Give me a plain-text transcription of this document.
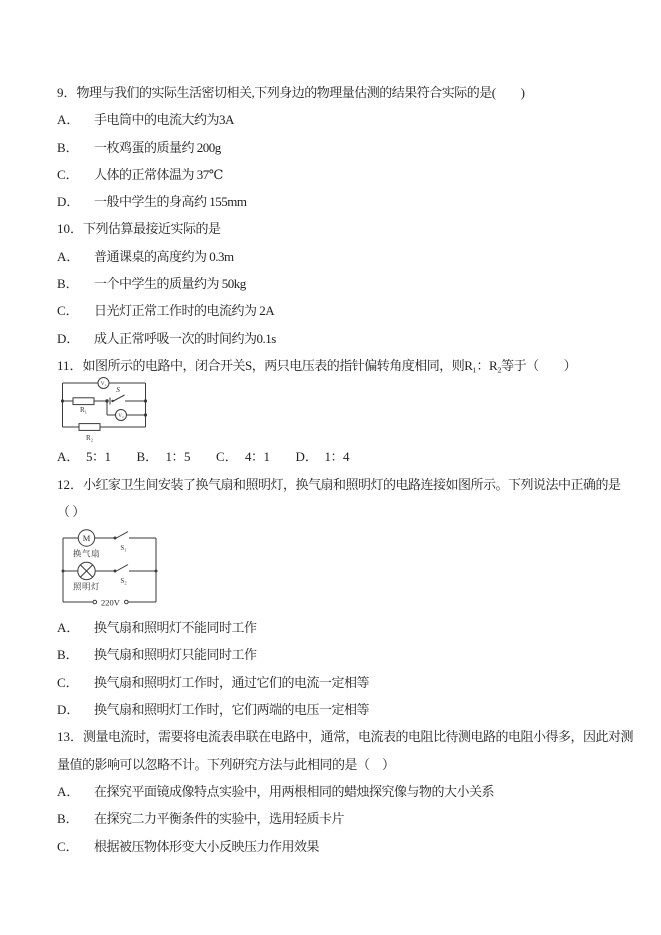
9．物理与我们的实际生活密切相关,下列身边的物理量估测的结果符合实际的是(　　)
A．	手电筒中的电流大约为3A
B．	一枚鸡蛋的质量约 200g
C．	人体的正常体温为 37℃
D．	一般中学生的身高约 155mm
10．下列估算最接近实际的是
A．	普通课桌的高度约为 0.3m
B．	一个中学生的质量约为 50kg
C．	日光灯正常工作时的电流约为 2A
D．	成人正常呼吸一次的时间约为0.1s
11．如图所示的电路中，闭合开关S，两只电压表的指针偏转角度相同，则R₁：R₂等于（　　）
V₁
S
R₁
V₂
R₂
A． 5：1 B． 1：5 C． 4：1 D． 1：4
12．小红家卫生间安装了换气扇和照明灯，换气扇和照明灯的电路连接如图所示。下列说法中正确的是
（ ）
M
S₁
换气扇
S₂
照明灯
220V
A．	换气扇和照明灯不能同时工作
B．	换气扇和照明灯只能同时工作
C．	换气扇和照明灯工作时，通过它们的电流一定相等
D．	换气扇和照明灯工作时，它们两端的电压一定相等
13．测量电流时，需要将电流表串联在电路中，通常，电流表的电阻比待测电路的电阻小得多，因此对测
量值的影响可以忽略不计。下列研究方法与此相同的是（　）
A．	在探究平面镜成像特点实验中，用两根相同的蜡烛探究像与物的大小关系
B．	在探究二力平衡条件的实验中，选用轻质卡片
C．	根据被压物体形变大小反映压力作用效果
